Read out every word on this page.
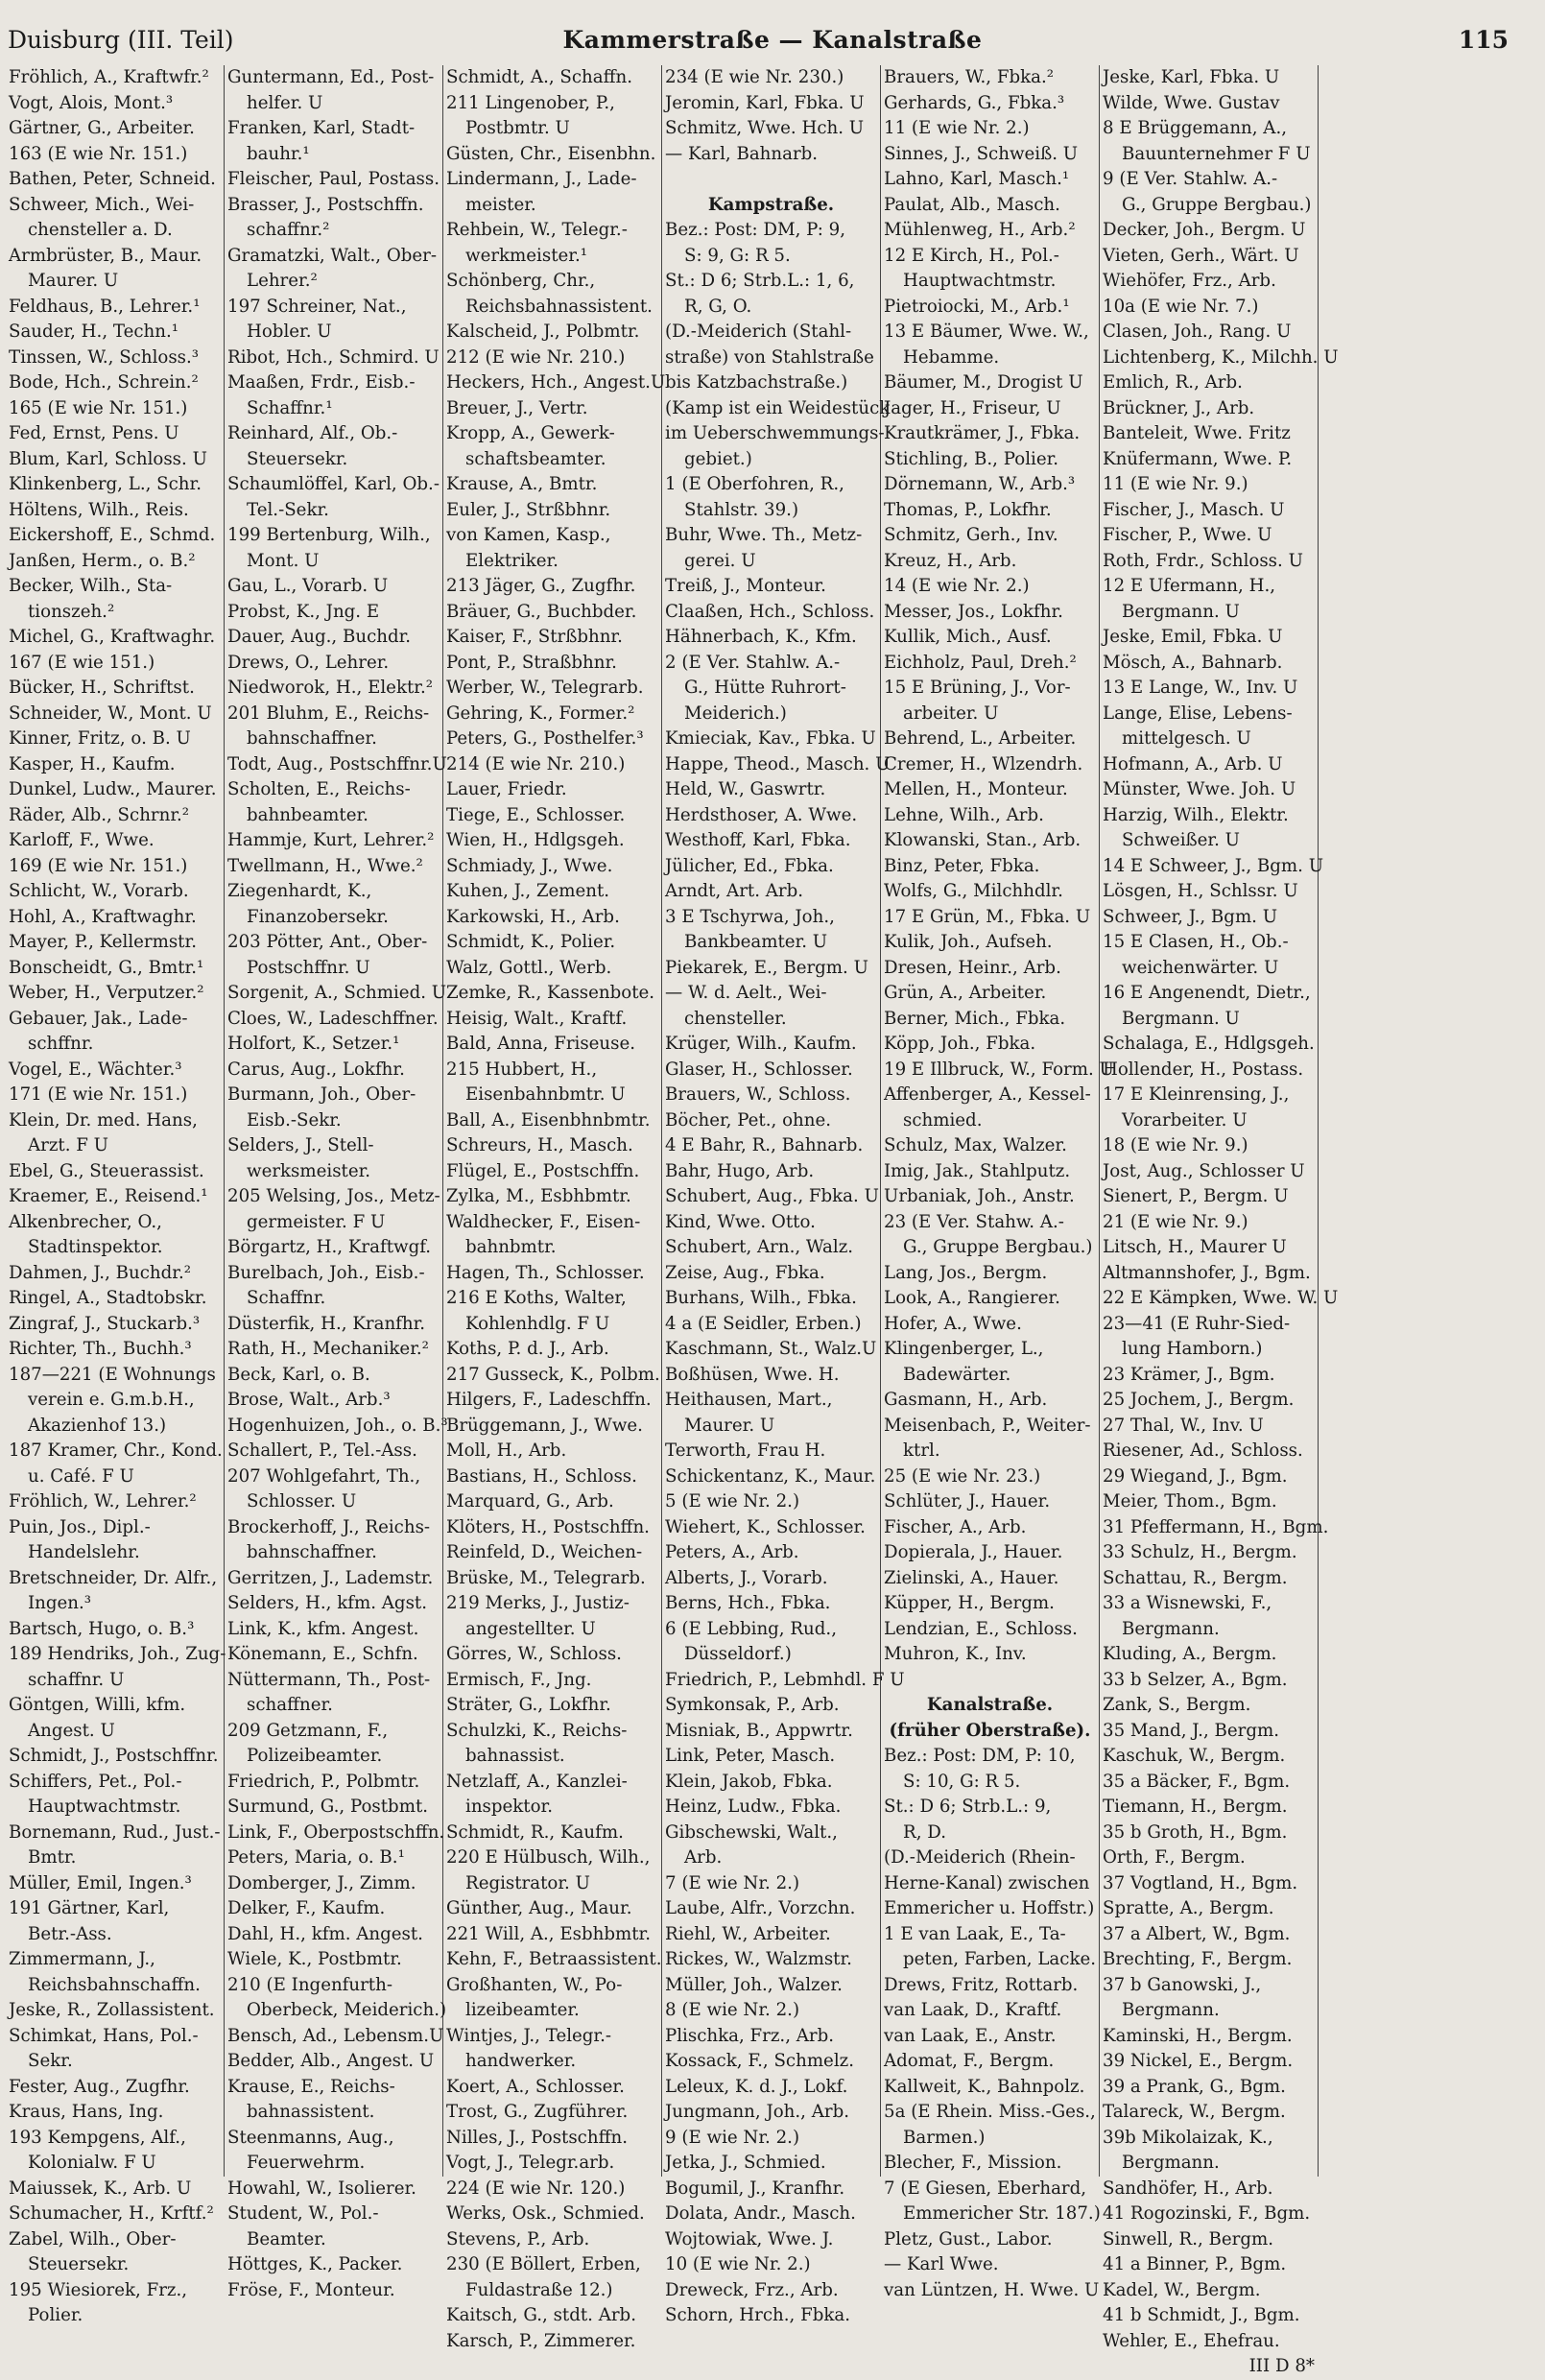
Duisburg (III. Teil)	Kammerstraße — Kanalstraße	115
Fröhlich, A., Kraftwfr.²
Vogt, Alois, Mont.³
Gärtner, G., Arbeiter.
163 (E wie Nr. 151.)
Bathen, Peter, Schneid.
Schweer, Mich., Wei-
chensteller a. D.
Armbrüster, B., Maur.
Maurer. U
Feldhaus, B., Lehrer.¹
Sauder, H., Techn.¹
Tinssen, W., Schloss.³
Bode, Hch., Schrein.²
165 (E wie Nr. 151.)
Fed, Ernst, Pens. U
Blum, Karl, Schloss. U
Klinkenberg, L., Schr.
Höltens, Wilh., Reis.
Eickershoff, E., Schmd.
Janßen, Herm., o. B.²
Becker, Wilh., Sta-
tionszeh.²
Michel, G., Kraftwaghr.
167 (E wie 151.)
Bücker, H., Schriftst.
Schneider, W., Mont. U
Kinner, Fritz, o. B. U
Kasper, H., Kaufm.
Dunkel, Ludw., Maurer.
Räder, Alb., Schrnr.²
Karloff, F., Wwe.
169 (E wie Nr. 151.)
Schlicht, W., Vorarb.
Hohl, A., Kraftwaghr.
Mayer, P., Kellermstr.
Bonscheidt, G., Bmtr.¹
Weber, H., Verputzer.²
Gebauer, Jak., Lade-
schffnr.
Vogel, E., Wächter.³
171 (E wie Nr. 151.)
Klein, Dr. med. Hans,
Arzt. F U
Ebel, G., Steuerassist.
Kraemer, E., Reisend.¹
Alkenbrecher, O.,
Stadtinspektor.
Dahmen, J., Buchdr.²
Ringel, A., Stadtobskr.
Zingraf, J., Stuckarb.³
Richter, Th., Buchh.³
187—221 (E Wohnungs
verein e. G.m.b.H.,
Akazienhof 13.)
187 Kramer, Chr., Kond.
u. Café. F U
Fröhlich, W., Lehrer.²
Puin, Jos., Dipl.-
Handelslehr.
Bretschneider, Dr. Alfr.,
Ingen.³
Bartsch, Hugo, o. B.³
189 Hendriks, Joh., Zug-
schaffnr. U
Göntgen, Willi, kfm.
Angest. U
Schmidt, J., Postschffnr.
Schiffers, Pet., Pol.-
Hauptwachtmstr.
Bornemann, Rud., Just.-
Bmtr.
Müller, Emil, Ingen.³
191 Gärtner, Karl,
Betr.-Ass.
Zimmermann, J.,
Reichsbahnschaffn.
Jeske, R., Zollassistent.
Schimkat, Hans, Pol.-
Sekr.
Fester, Aug., Zugfhr.
Kraus, Hans, Ing.
193 Kempgens, Alf.,
Kolonialw. F U
Maiussek, K., Arb. U
Schumacher, H., Krftf.²
Zabel, Wilh., Ober-
Steuersekr.
195 Wiesiorek, Frz.,
Polier.
Guntermann, Ed., Post-
helfer. U
Franken, Karl, Stadt-
bauhr.¹
Fleischer, Paul, Postass.
Brasser, J., Postschffn.
schaffnr.²
Gramatzki, Walt., Ober-
Lehrer.²
197 Schreiner, Nat.,
Hobler. U
Ribot, Hch., Schmird. U
Maaßen, Frdr., Eisb.-
Schaffnr.¹
Reinhard, Alf., Ob.-
Steuersekr.
Schaumlöffel, Karl, Ob.-
Tel.-Sekr.
199 Bertenburg, Wilh.,
Mont. U
Gau, L., Vorarb. U
Probst, K., Jng. E
Dauer, Aug., Buchdr.
Drews, O., Lehrer.
Niedworok, H., Elektr.²
201 Bluhm, E., Reichs-
bahnschaffner.
Todt, Aug., Postschffnr.U
Scholten, E., Reichs-
bahnbeamter.
Hammje, Kurt, Lehrer.²
Twellmann, H., Wwe.²
Ziegenhardt, K.,
Finanzobersekr.
203 Pötter, Ant., Ober-
Postschffnr. U
Sorgenit, A., Schmied. U
Cloes, W., Ladeschffner.
Holfort, K., Setzer.¹
Carus, Aug., Lokfhr.
Burmann, Joh., Ober-
Eisb.-Sekr.
Selders, J., Stell-
werksmeister.
205 Welsing, Jos., Metz-
germeister. F U
Börgartz, H., Kraftwgf.
Burelbach, Joh., Eisb.-
Schaffnr.
Düsterfik, H., Kranfhr.
Rath, H., Mechaniker.²
Beck, Karl, o. B.
Brose, Walt., Arb.³
Hogenhuizen, Joh., o. B.³
Schallert, P., Tel.-Ass.
207 Wohlgefahrt, Th.,
Schlosser. U
Brockerhoff, J., Reichs-
bahnschaffner.
Gerritzen, J., Lademstr.
Selders, H., kfm. Agst.
Link, K., kfm. Angest.
Könemann, E., Schfn.
Nüttermann, Th., Post-
schaffner.
209 Getzmann, F.,
Polizeibeamter.
Friedrich, P., Polbmtr.
Surmund, G., Postbmt.
Link, F., Oberpostschffn.
Peters, Maria, o. B.¹
Domberger, J., Zimm.
Delker, F., Kaufm.
Dahl, H., kfm. Angest.
Wiele, K., Postbmtr.
210 (E Ingenfurth-
Oberbeck, Meiderich.)
Bensch, Ad., Lebensm.U
Bedder, Alb., Angest. U
Krause, E., Reichs-
bahnassistent.
Steenmanns, Aug.,
Feuerwehrm.
Howahl, W., Isolierer.
Student, W., Pol.-
Beamter.
Höttges, K., Packer.
Fröse, F., Monteur.
Schmidt, A., Schaffn.
211 Lingenober, P.,
Postbmtr. U
Güsten, Chr., Eisenbhn.
Lindermann, J., Lade-
meister.
Rehbein, W., Telegr.-
werkmeister.¹
Schönberg, Chr.,
Reichsbahnassistent.
Kalscheid, J., Polbmtr.
212 (E wie Nr. 210.)
Heckers, Hch., Angest.U
Breuer, J., Vertr.
Kropp, A., Gewerk-
schaftsbeamter.
Krause, A., Bmtr.
Euler, J., Strßbhnr.
von Kamen, Kasp.,
Elektriker.
213 Jäger, G., Zugfhr.
Bräuer, G., Buchbder.
Kaiser, F., Strßbhnr.
Pont, P., Straßbhnr.
Werber, W., Telegrarb.
Gehring, K., Former.²
Peters, G., Posthelfer.³
214 (E wie Nr. 210.)
Lauer, Friedr.
Tiege, E., Schlosser.
Wien, H., Hdlgsgeh.
Schmiady, J., Wwe.
Kuhen, J., Zement.
Karkowski, H., Arb.
Schmidt, K., Polier.
Walz, Gottl., Werb.
Zemke, R., Kassenbote.
Heisig, Walt., Kraftf.
Bald, Anna, Friseuse.
215 Hubbert, H.,
Eisenbahnbmtr. U
Ball, A., Eisenbhnbmtr.
Schreurs, H., Masch.
Flügel, E., Postschffn.
Zylka, M., Esbhbmtr.
Waldhecker, F., Eisen-
bahnbmtr.
Hagen, Th., Schlosser.
216 E Koths, Walter,
Kohlenhdlg. F U
Koths, P. d. J., Arb.
217 Gusseck, K., Polbm.
Hilgers, F., Ladeschffn.
Brüggemann, J., Wwe.
Moll, H., Arb.
Bastians, H., Schloss.
Marquard, G., Arb.
Klöters, H., Postschffn.
Reinfeld, D., Weichen-
Brüske, M., Telegrarb.
219 Merks, J., Justiz-
angestellter. U
Görres, W., Schloss.
Ermisch, F., Jng.
Sträter, G., Lokfhr.
Schulzki, K., Reichs-
bahnassist.
Netzlaff, A., Kanzlei-
inspektor.
Schmidt, R., Kaufm.
220 E Hülbusch, Wilh.,
Registrator. U
Günther, Aug., Maur.
221 Will, A., Esbhbmtr.
Kehn, F., Betraassistent.
Großhanten, W., Po-
lizeibeamter.
Wintjes, J., Telegr.-
handwerker.
Koert, A., Schlosser.
Trost, G., Zugführer.
Nilles, J., Postschffn.
Vogt, J., Telegr.arb.
224 (E wie Nr. 120.)
Werks, Osk., Schmied.
Stevens, P., Arb.
230 (E Böllert, Erben,
Fuldastraße 12.)
Kaitsch, G., stdt. Arb.
Karsch, P., Zimmerer.
234 (E wie Nr. 230.)
Jeromin, Karl, Fbka. U
Schmitz, Wwe. Hch. U
— Karl, Bahnarb.

Kampstraße.
Bez.: Post: DM, P: 9,
S: 9, G: R 5.
St.: D 6; Strb.L.: 1, 6,
R, G, O.
(D.-Meiderich (Stahl-
straße) von Stahlstraße
bis Katzbachstraße.)
(Kamp ist ein Weidestück
im Ueberschwemmungs-
gebiet.)
1 (E Oberfohren, R.,
Stahlstr. 39.)
Buhr, Wwe. Th., Metz-
gerei. U
Treiß, J., Monteur.
Claaßen, Hch., Schloss.
Hähnerbach, K., Kfm.
2 (E Ver. Stahlw. A.-
G., Hütte Ruhrort-
Meiderich.)
Kmieciak, Kav., Fbka. U
Happe, Theod., Masch. U
Held, W., Gaswrtr.
Herdsthoser, A. Wwe.
Westhoff, Karl, Fbka.
Jülicher, Ed., Fbka.
Arndt, Art. Arb.
3 E Tschyrwa, Joh.,
Bankbeamter. U
Piekarek, E., Bergm. U
— W. d. Aelt., Wei-
chensteller.
Krüger, Wilh., Kaufm.
Glaser, H., Schlosser.
Brauers, W., Schloss.
Böcher, Pet., ohne.
4 E Bahr, R., Bahnarb.
Bahr, Hugo, Arb.
Schubert, Aug., Fbka. U
Kind, Wwe. Otto.
Schubert, Arn., Walz.
Zeise, Aug., Fbka.
Burhans, Wilh., Fbka.
4 a (E Seidler, Erben.)
Kaschmann, St., Walz.U
Boßhüsen, Wwe. H.
Heithausen, Mart.,
Maurer. U
Terworth, Frau H.
Schickentanz, K., Maur.
5 (E wie Nr. 2.)
Wiehert, K., Schlosser.
Peters, A., Arb.
Alberts, J., Vorarb.
Berns, Hch., Fbka.
6 (E Lebbing, Rud.,
Düsseldorf.)
Friedrich, P., Lebmhdl. F U
Symkonsak, P., Arb.
Misniak, B., Appwrtr.
Link, Peter, Masch.
Klein, Jakob, Fbka.
Heinz, Ludw., Fbka.
Gibschewski, Walt.,
Arb.
7 (E wie Nr. 2.)
Laube, Alfr., Vorzchn.
Riehl, W., Arbeiter.
Rickes, W., Walzmstr.
Müller, Joh., Walzer.
8 (E wie Nr. 2.)
Plischka, Frz., Arb.
Kossack, F., Schmelz.
Leleux, K. d. J., Lokf.
Jungmann, Joh., Arb.
9 (E wie Nr. 2.)
Jetka, J., Schmied.
Bogumil, J., Kranfhr.
Dolata, Andr., Masch.
Wojtowiak, Wwe. J.
10 (E wie Nr. 2.)
Dreweck, Frz., Arb.
Schorn, Hrch., Fbka.
Brauers, W., Fbka.²
Gerhards, G., Fbka.³
11 (E wie Nr. 2.)
Sinnes, J., Schweiß. U
Lahno, Karl, Masch.¹
Paulat, Alb., Masch.
Mühlenweg, H., Arb.²
12 E Kirch, H., Pol.-
Hauptwachtmstr.
Pietroiocki, M., Arb.¹
13 E Bäumer, Wwe. W.,
Hebamme.
Bäumer, M., Drogist U
Jager, H., Friseur, U
Krautkrämer, J., Fbka.
Stichling, B., Polier.
Dörnemann, W., Arb.³
Thomas, P., Lokfhr.
Schmitz, Gerh., Inv.
Kreuz, H., Arb.
14 (E wie Nr. 2.)
Messer, Jos., Lokfhr.
Kullik, Mich., Ausf.
Eichholz, Paul, Dreh.²
15 E Brüning, J., Vor-
arbeiter. U
Behrend, L., Arbeiter.
Cremer, H., Wlzendrh.
Mellen, H., Monteur.
Lehne, Wilh., Arb.
Klowanski, Stan., Arb.
Binz, Peter, Fbka.
Wolfs, G., Milchhdlr.
17 E Grün, M., Fbka. U
Kulik, Joh., Aufseh.
Dresen, Heinr., Arb.
Grün, A., Arbeiter.
Berner, Mich., Fbka.
Köpp, Joh., Fbka.
19 E Illbruck, W., Form. U
Affenberger, A., Kessel-
schmied.
Schulz, Max, Walzer.
Imig, Jak., Stahlputz.
Urbaniak, Joh., Anstr.
23 (E Ver. Stahw. A.-
G., Gruppe Bergbau.)
Lang, Jos., Bergm.
Look, A., Rangierer.
Hofer, A., Wwe.
Klingenberger, L.,
Badewärter.
Gasmann, H., Arb.
Meisenbach, P., Weiter-
ktrl.
25 (E wie Nr. 23.)
Schlüter, J., Hauer.
Fischer, A., Arb.
Dopierala, J., Hauer.
Zielinski, A., Hauer.
Küpper, H., Bergm.
Lendzian, E., Schloss.
Muhron, K., Inv.

Kanalstraße.
(früher Oberstraße).
Bez.: Post: DM, P: 10,
S: 10, G: R 5.
St.: D 6; Strb.L.: 9,
R, D.
(D.-Meiderich (Rhein-
Herne-Kanal) zwischen
Emmericher u. Hoffstr.)
1 E van Laak, E., Ta-
peten, Farben, Lacke.
Drews, Fritz, Rottarb.
van Laak, D., Kraftf.
van Laak, E., Anstr.
Adomat, F., Bergm.
Kallweit, K., Bahnpolz.
5a (E Rhein. Miss.-Ges.,
Barmen.)
Blecher, F., Mission.
7 (E Giesen, Eberhard,
Emmericher Str. 187.)
Pletz, Gust., Labor.
— Karl Wwe.
van Lüntzen, H. Wwe. U
Jeske, Karl, Fbka. U
Wilde, Wwe. Gustav
8 E Brüggemann, A.,
Bauunternehmer F U
9 (E Ver. Stahlw. A.-
G., Gruppe Bergbau.)
Decker, Joh., Bergm. U
Vieten, Gerh., Wärt. U
Wiehöfer, Frz., Arb.
10a (E wie Nr. 7.)
Clasen, Joh., Rang. U
Lichtenberg, K., Milchh. U
Emlich, R., Arb.
Brückner, J., Arb.
Banteleit, Wwe. Fritz
Knüfermann, Wwe. P.
11 (E wie Nr. 9.)
Fischer, J., Masch. U
Fischer, P., Wwe. U
Roth, Frdr., Schloss. U
12 E Ufermann, H.,
Bergmann. U
Jeske, Emil, Fbka. U
Mösch, A., Bahnarb.
13 E Lange, W., Inv. U
Lange, Elise, Lebens-
mittelgesch. U
Hofmann, A., Arb. U
Münster, Wwe. Joh. U
Harzig, Wilh., Elektr.
Schweißer. U
14 E Schweer, J., Bgm. U
Lösgen, H., Schlssr. U
Schweer, J., Bgm. U
15 E Clasen, H., Ob.-
weichenwärter. U
16 E Angenendt, Dietr.,
Bergmann. U
Schalaga, E., Hdlgsgeh.
Hollender, H., Postass.
17 E Kleinrensing, J.,
Vorarbeiter. U
18 (E wie Nr. 9.)
Jost, Aug., Schlosser U
Sienert, P., Bergm. U
21 (E wie Nr. 9.)
Litsch, H., Maurer U
Altmannshofer, J., Bgm.
22 E Kämpken, Wwe. W. U
23—41 (E Ruhr-Sied-
lung Hamborn.)
23 Krämer, J., Bgm.
25 Jochem, J., Bergm.
27 Thal, W., Inv. U
Riesener, Ad., Schloss.
29 Wiegand, J., Bgm.
Meier, Thom., Bgm.
31 Pfeffermann, H., Bgm.
33 Schulz, H., Bergm.
Schattau, R., Bergm.
33 a Wisnewski, F.,
Bergmann.
Kluding, A., Bergm.
33 b Selzer, A., Bgm.
Zank, S., Bergm.
35 Mand, J., Bergm.
Kaschuk, W., Bergm.
35 a Bäcker, F., Bgm.
Tiemann, H., Bergm.
35 b Groth, H., Bgm.
Orth, F., Bergm.
37 Vogtland, H., Bgm.
Spratte, A., Bergm.
37 a Albert, W., Bgm.
Brechting, F., Bergm.
37 b Ganowski, J.,
Bergmann.
Kaminski, H., Bergm.
39 Nickel, E., Bergm.
39 a Prank, G., Bgm.
Talareck, W., Bergm.
39b Mikolaizak, K.,
Bergmann.
Sandhöfer, H., Arb.
41 Rogozinski, F., Bgm.
Sinwell, R., Bergm.
41 a Binner, P., Bgm.
Kadel, W., Bergm.
41 b Schmidt, J., Bgm.
Wehler, E., Ehefrau.
III D 8*
